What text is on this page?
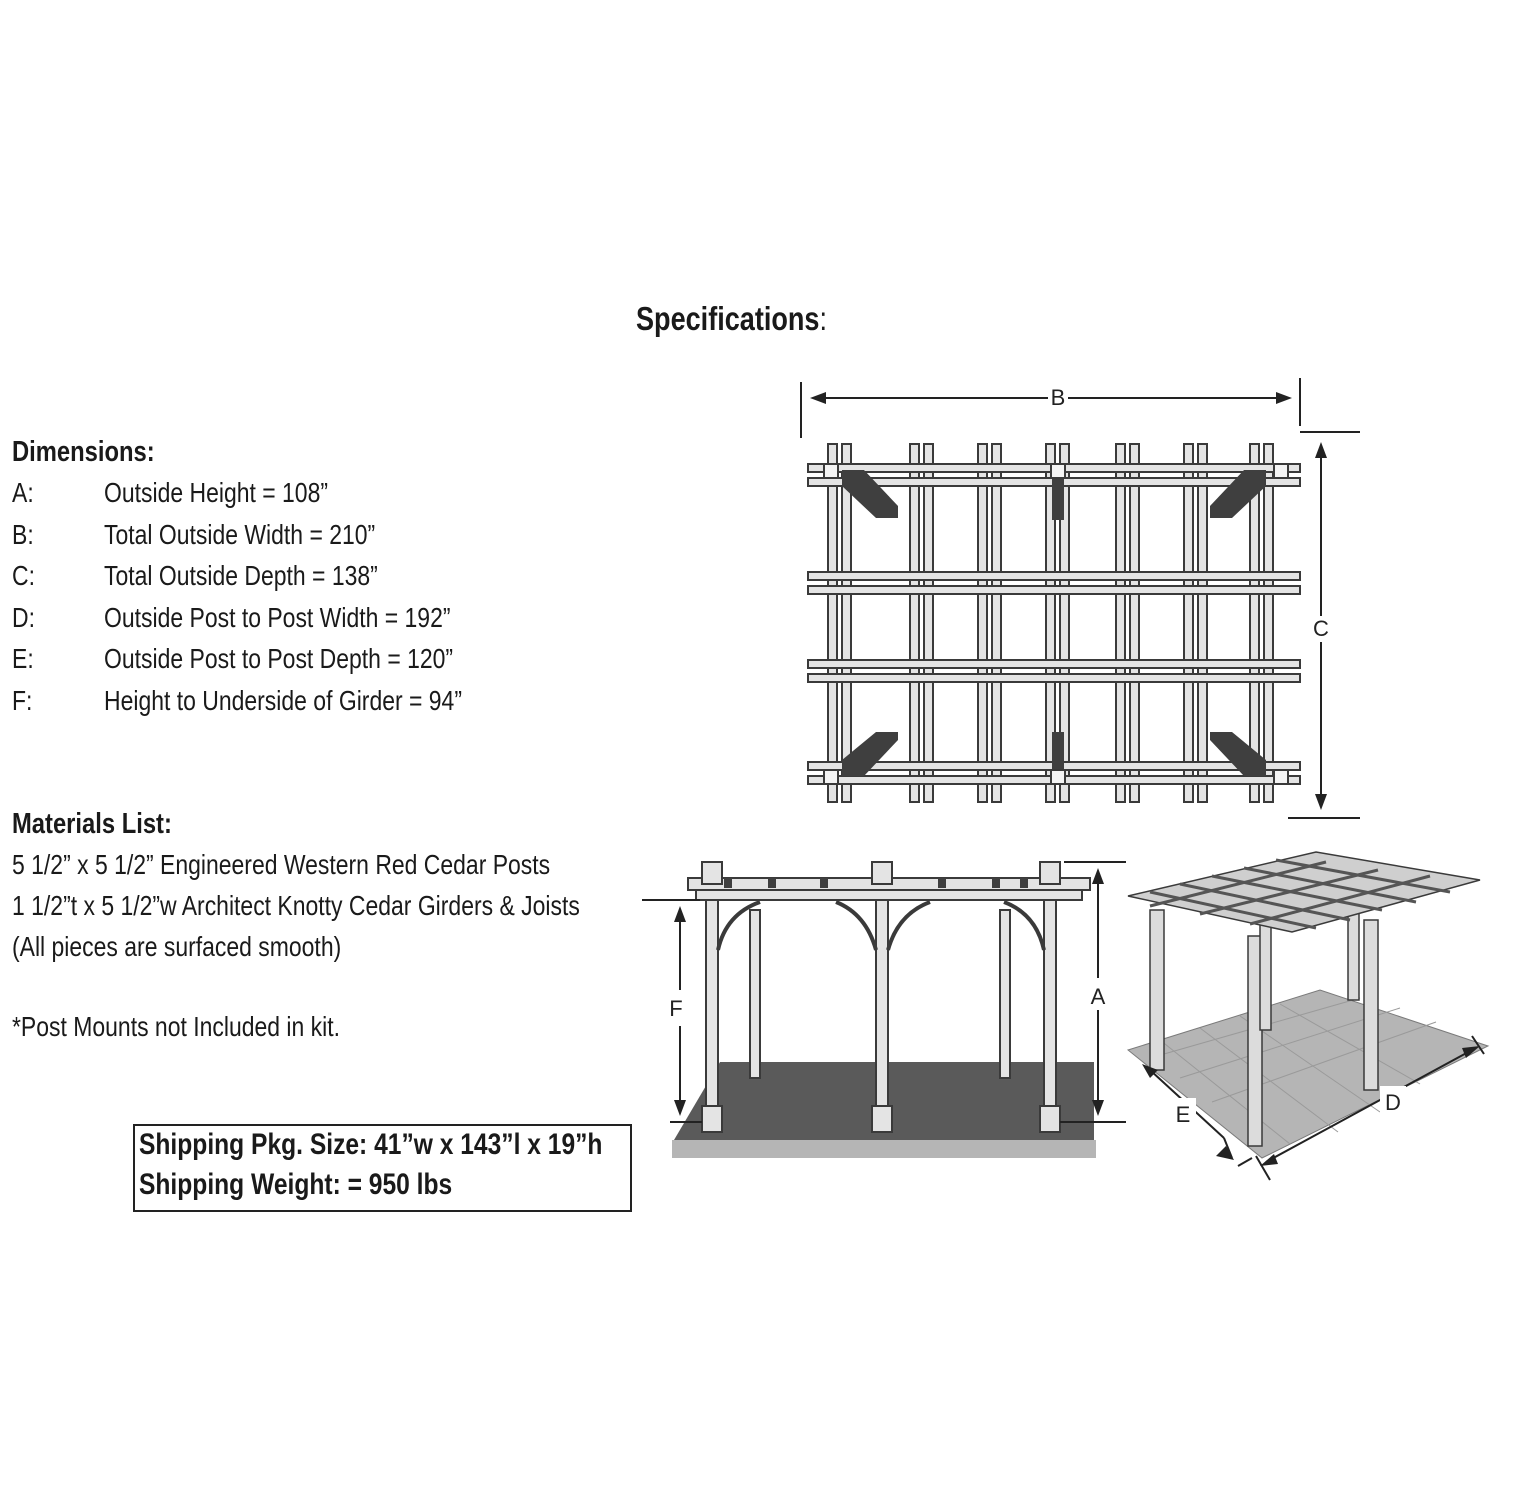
Specifications:
Dimensions:
A:	Outside Height = 108”
B:	Total Outside Width = 210”
C: Total Outside Depth = 138”
D: Outside Post to Post Width = 192”
E:	Outside Post to Post Depth = 120”
F:	Height to Underside of Girder = 94”
Materials List:
5 1/2” x 5 1/2” Engineered Western Red Cedar Posts
1 1/2”t x 5 1/2”w Architect Knotty Cedar Girders & Joists
(All pieces are surfaced smooth)
*Post Mounts not Included in kit.
Shipping Pkg. Size: 41”w x 143”l x 19”h
Shipping Weight: = 950 lbs
B
C
F	A
E	D
